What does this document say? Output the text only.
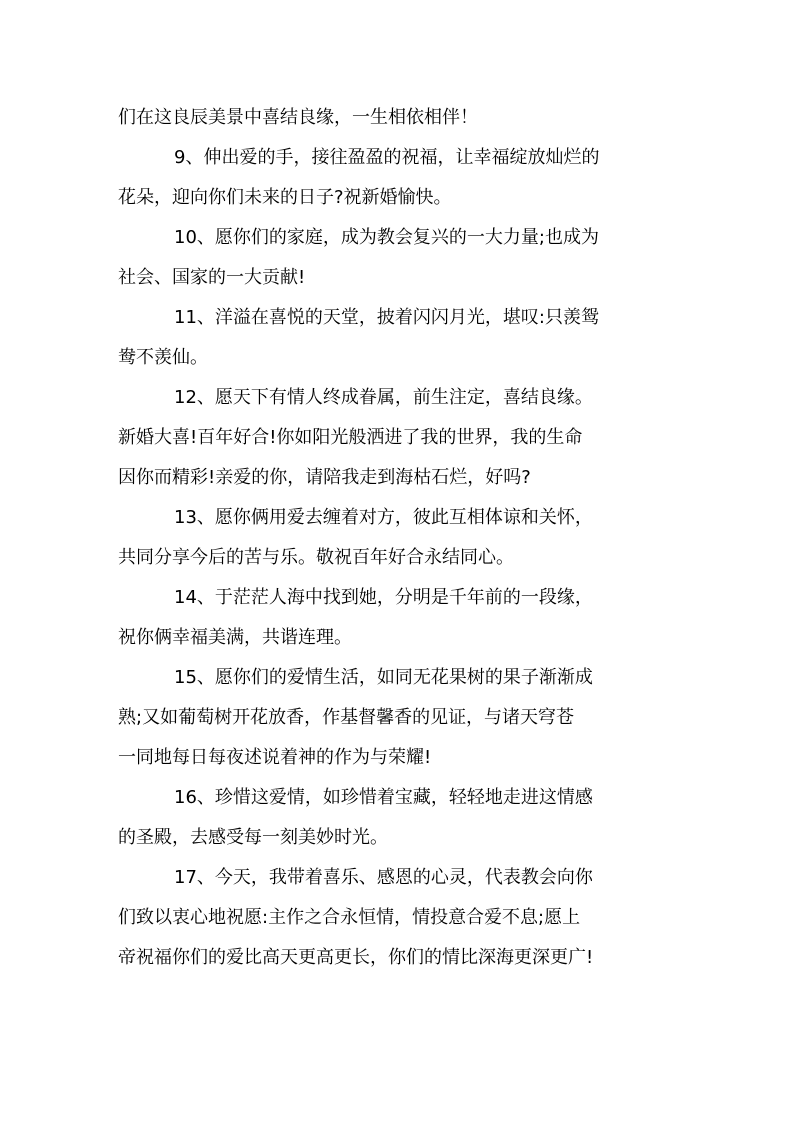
们在这良辰美景中喜结良缘，一生相依相伴！
9、伸出爱的手，接往盈盈的祝福，让幸福绽放灿烂的
花朵，迎向你们未来的日子?祝新婚愉快。
10、愿你们的家庭，成为教会复兴的一大力量;也成为
社会、国家的一大贡献!
11、洋溢在喜悦的天堂，披着闪闪月光，堪叹:只羡鸳
鸯不羡仙。
12、愿天下有情人终成眷属，前生注定，喜结良缘。
新婚大喜!百年好合!你如阳光般洒进了我的世界，我的生命
因你而精彩!亲爱的你，请陪我走到海枯石烂，好吗?
13、愿你俩用爱去缠着对方，彼此互相体谅和关怀，
共同分享今后的苦与乐。敬祝百年好合永结同心。
14、于茫茫人海中找到她，分明是千年前的一段缘，
祝你俩幸福美满，共谐连理。
15、愿你们的爱情生活，如同无花果树的果子渐渐成
熟;又如葡萄树开花放香，作基督馨香的见证，与诸天穹苍
一同地每日每夜述说着神的作为与荣耀!
16、珍惜这爱情，如珍惜着宝藏，轻轻地走进这情感
的圣殿，去感受每一刻美妙时光。
17、今天，我带着喜乐、感恩的心灵，代表教会向你
们致以衷心地祝愿:主作之合永恒情，情投意合爱不息;愿上
帝祝福你们的爱比高天更高更长，你们的情比深海更深更广!
